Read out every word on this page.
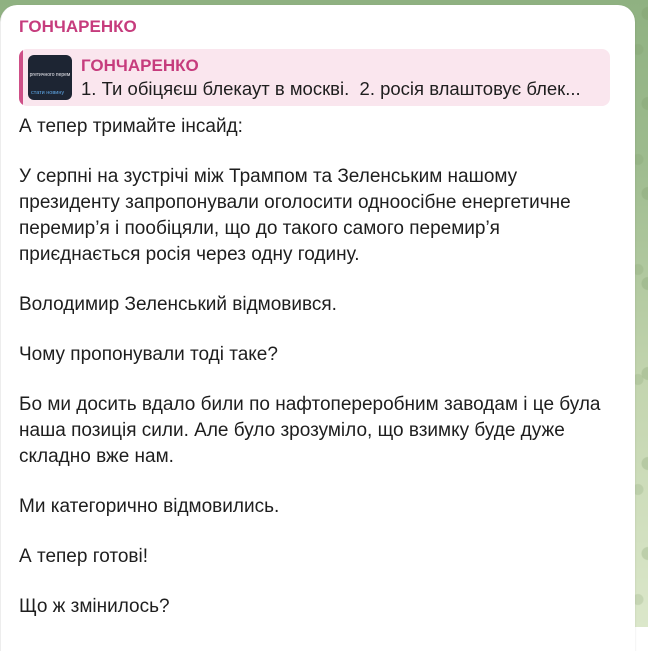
ГОНЧАРЕНКО
ргетичного перем
стати новину
ГОНЧАРЕНКО
1. Ти обіцяєш блекаут в москві.  2. росія влаштовує блек...

А тепер тримайте інсайд:

У серпні на зустрічі між Трампом та Зеленським нашому президенту запропонували оголосити одноосібне енергетичне перемир’я і пообіцяли, що до такого самого перемир’я приєднається росія через одну годину.

Володимир Зеленський відмовився.

Чому пропонували тоді таке?

Бо ми досить вдало били по нафтопереробним заводам і це була наша позиція сили. Але було зрозуміло, що взимку буде дуже складно вже нам.

Ми категорично відмовились.

А тепер готові!

Що ж змінилось?
